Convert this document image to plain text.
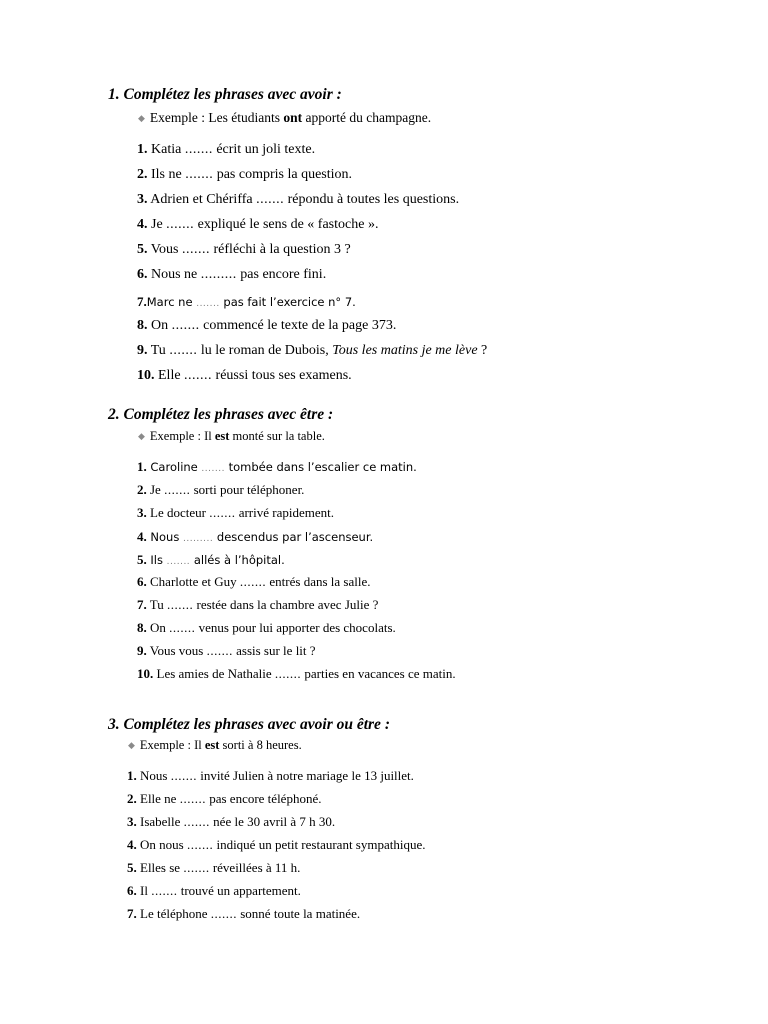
1. Complétez les phrases avec avoir :
◆ Exemple : Les étudiants ont apporté du champagne.
1. Katia ....... écrit un joli texte.
2. Ils ne ....... pas compris la question.
3. Adrien et Chériffa ....... répondu à toutes les questions.
4. Je ....... expliqué le sens de « fastoche ».
5. Vous ....... réfléchi à la question 3 ?
6. Nous ne ......... pas encore fini.
7.Marc ne ....... pas fait l’exercice n° 7.
8. On ....... commencé le texte de la page 373.
9. Tu ....... lu le roman de Dubois, Tous les matins je me lève ?
10. Elle ....... réussi tous ses examens.
2. Complétez les phrases avec être :
◆ Exemple : Il est monté sur la table.
1. Caroline ....... tombée dans l’escalier ce matin.
2. Je ....... sorti pour téléphoner.
3. Le docteur ....... arrivé rapidement.
4. Nous ......... descendus par l’ascenseur.
5. Ils ....... allés à l’hôpital.
6. Charlotte et Guy ....... entrés dans la salle.
7. Tu ....... restée dans la chambre avec Julie ?
8. On ....... venus pour lui apporter des chocolats.
9. Vous vous ....... assis sur le lit ?
10. Les amies de Nathalie ....... parties en vacances ce matin.
3. Complétez les phrases avec avoir ou être :
◆ Exemple : Il est sorti à 8 heures.
1. Nous ....... invité Julien à notre mariage le 13 juillet.
2. Elle ne ....... pas encore téléphoné.
3. Isabelle ....... née le 30 avril à 7 h 30.
4. On nous ....... indiqué un petit restaurant sympathique.
5. Elles se ....... réveillées à 11 h.
6. Il ....... trouvé un appartement.
7. Le téléphone ....... sonné toute la matinée.
